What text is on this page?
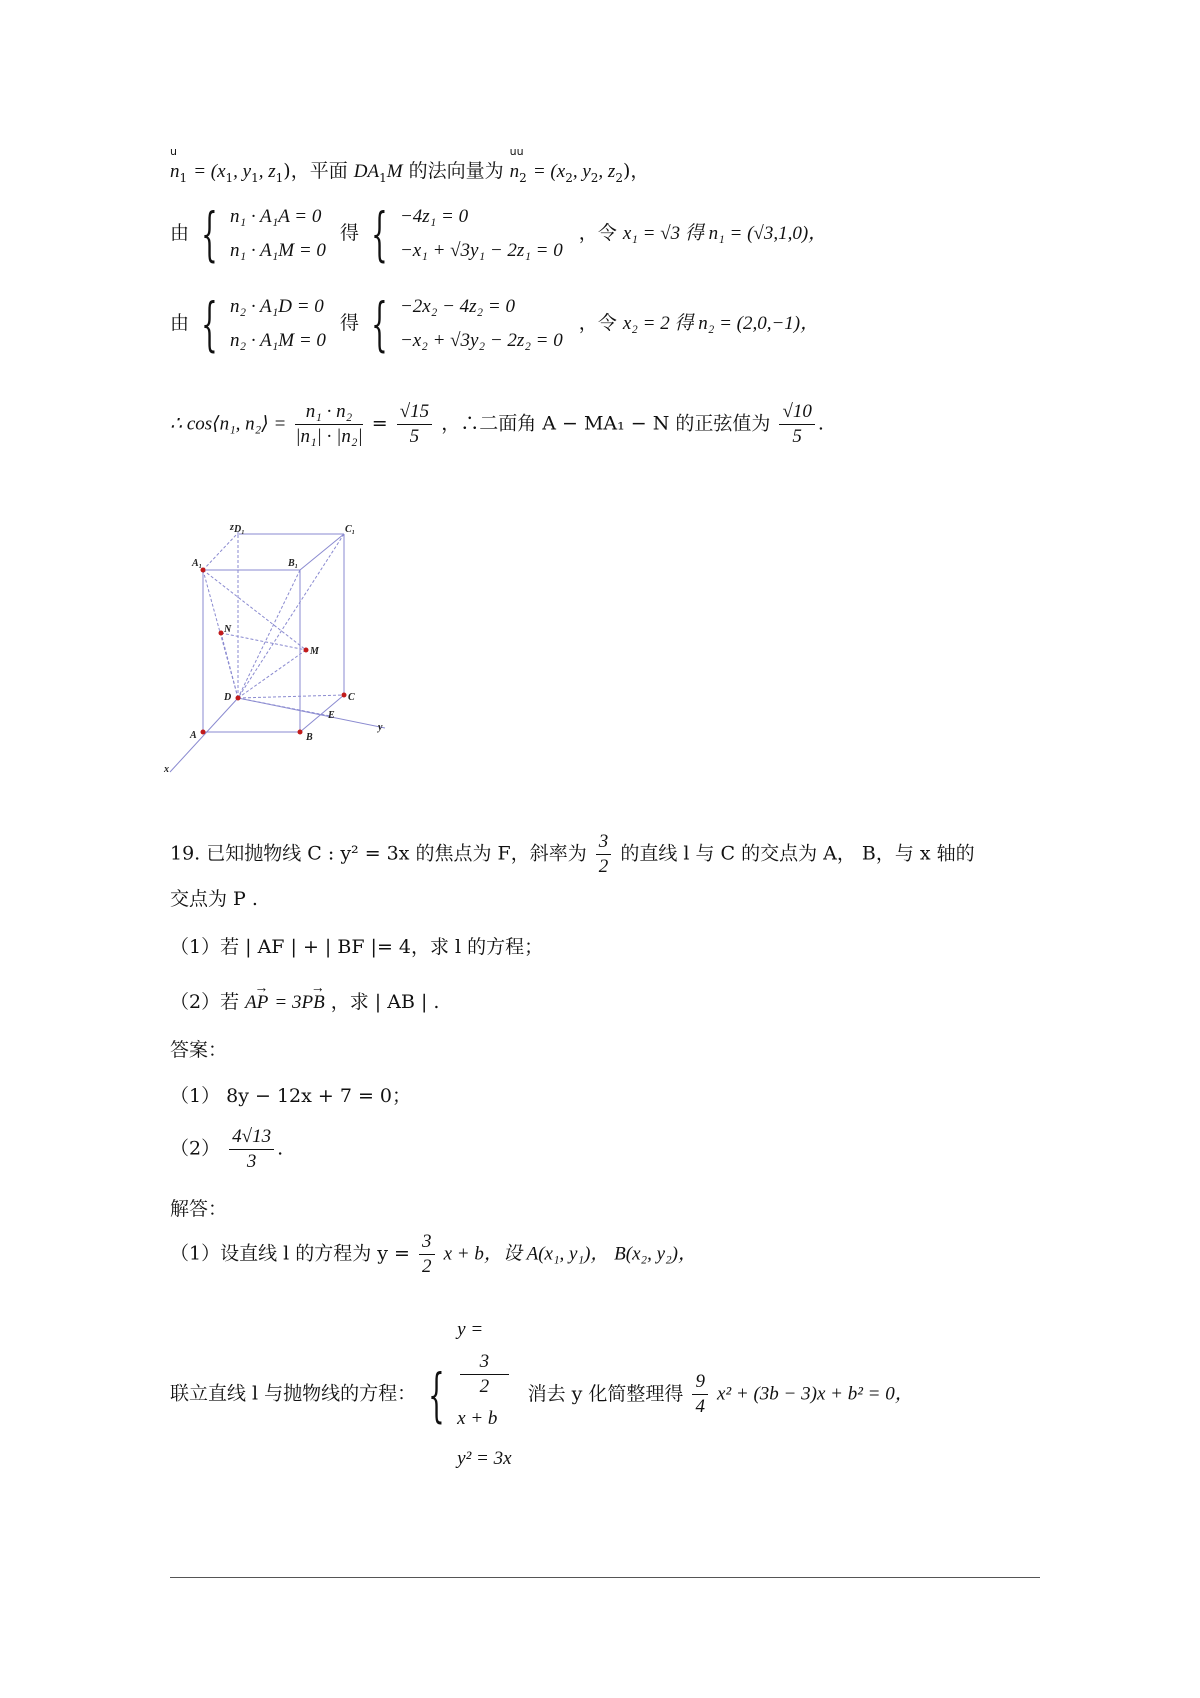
u
$n_1 = (x_1$, $y_1$, $z_1$)，平面 $DA_1M$ 的法向量为
uu
$n_2 = (x_2$, $y_2$, $z_2$)，
由 { n₁ · A₁A = 0
n₁ · A₁M = 0
得 { −4z₁ = 0
−x₁ + √3y₁ − 2z₁ = 0
，令 x₁ = √3 得 n₁ = (√3,1,0)，
由 { n₂ · A₁D = 0
n₂ · A₁M = 0
得 { −2x₂ − 4z₂ = 0
−x₂ + √3y₂ − 2z₂ = 0
，令 x₂ = 2 得 n₂ = (2,0,−1)，
∴ cos⟨n₁, n₂⟩ = $\frac{\text{n₁ · n₂}}{\text{|n₁| · |n₂|}} = \frac{√15}{5}$ ，∴二面角 A − MA₁ − N 的正弦值为 $\frac{√10}{5}$ .
z D₁	C₁
A₁	B₁
N
M
D	C
E
y
A	B
x
19. 已知抛物线 C : y² = 3x 的焦点为 F，斜率为 $\frac{3}{2}$ 的直线 l 与 C 的交点为 A， B，与 x 轴的
交点为 P .
（1）若 | AF | + | BF |= 4，求 l 的方程；
（2）若 → AP = 3→ PB ，求 | AB | .
答案：
（1） 8y − 12x + 7 = 0；
$(2) \frac{4√13}{3}$ .
解答：
（1）设直线 l 的方程为 $y = \frac{3}{2}$ x + b，设 A(x₁, y₁)， B(x₂, y₂)，
联立直线 l 与抛物线的方程： {
y =
3
2
x + b
y² = 3x
消去 y 化简整理得 $\frac{9}{4} x^2 + (3b - 3)x + b^2 = 0$，
